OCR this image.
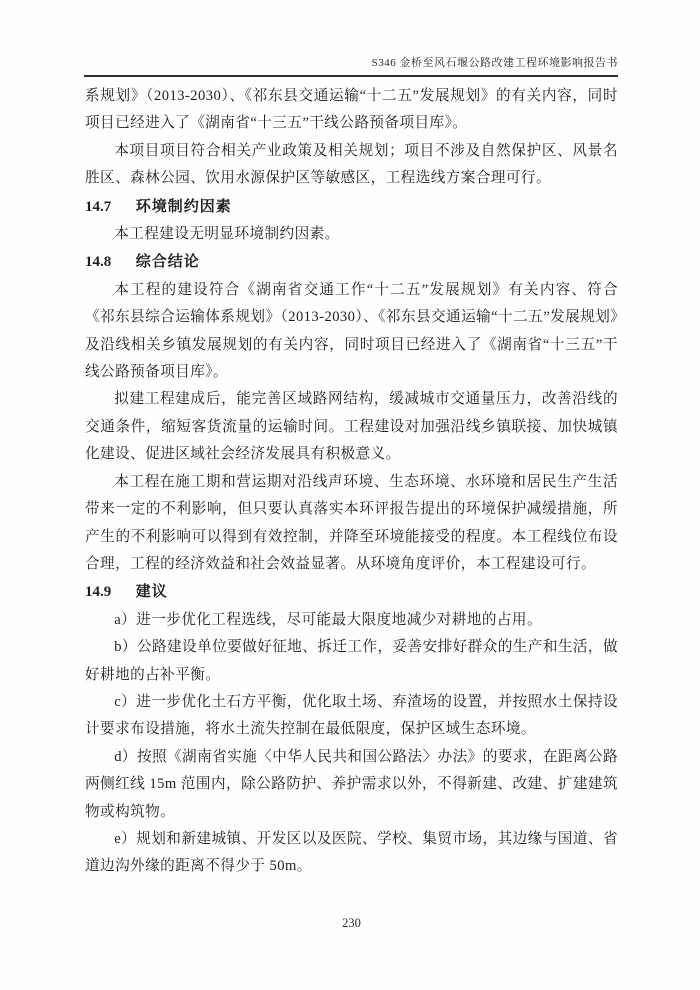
S346 金桥至风石堰公路改建工程环境影响报告书

系规划》（2013-2030）、《祁东县交通运输“十二五”发展规划》的有关内容，同时项目已经进入了《湖南省“十三五”干线公路预备项目库》。

本项目项目符合相关产业政策及相关规划；项目不涉及自然保护区、风景名胜区、森林公园、饮用水源保护区等敏感区，工程选线方案合理可行。

14.7 环境制约因素

本工程建设无明显环境制约因素。

14.8 综合结论

本工程的建设符合《湖南省交通工作“十二五”发展规划》有关内容、符合《祁东县综合运输体系规划》（2013-2030）、《祁东县交通运输“十二五”发展规划》及沿线相关乡镇发展规划的有关内容，同时项目已经进入了《湖南省“十三五”干线公路预备项目库》。

拟建工程建成后，能完善区域路网结构，缓减城市交通量压力，改善沿线的交通条件，缩短客货流量的运输时间。工程建设对加强沿线乡镇联接、加快城镇化建设、促进区域社会经济发展具有积极意义。

本工程在施工期和营运期对沿线声环境、生态环境、水环境和居民生产生活带来一定的不利影响，但只要认真落实本环评报告提出的环境保护减缓措施，所产生的不利影响可以得到有效控制，并降至环境能接受的程度。本工程线位布设合理，工程的经济效益和社会效益显著。从环境角度评价，本工程建设可行。

14.9 建议

a）进一步优化工程选线，尽可能最大限度地减少对耕地的占用。

b）公路建设单位要做好征地、拆迁工作，妥善安排好群众的生产和生活，做好耕地的占补平衡。

c）进一步优化土石方平衡，优化取土场、弃渣场的设置，并按照水土保持设计要求布设措施，将水土流失控制在最低限度，保护区域生态环境。

d）按照《湖南省实施〈中华人民共和国公路法〉办法》的要求，在距离公路两侧红线 15m 范围内，除公路防护、养护需求以外，不得新建、改建、扩建建筑物或构筑物。

e）规划和新建城镇、开发区以及医院、学校、集贸市场，其边缘与国道、省道边沟外缘的距离不得少于 50m。

230
